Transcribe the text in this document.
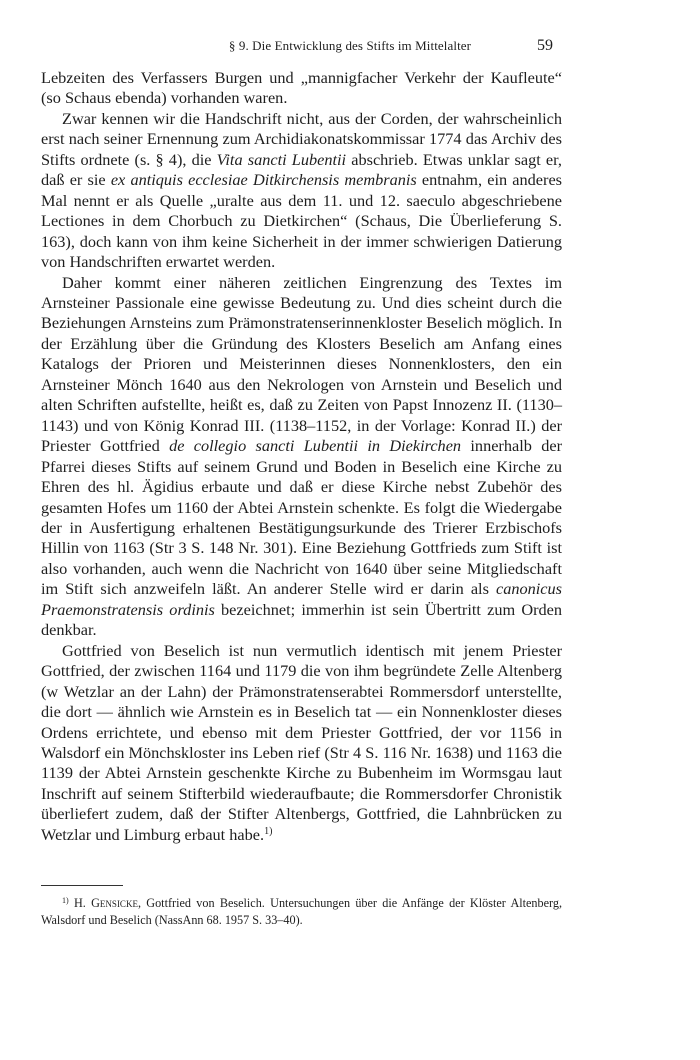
§ 9. Die Entwicklung des Stifts im Mittelalter	59

Lebzeiten des Verfassers Burgen und „mannigfacher Verkehr der Kaufleute“ (so Schaus ebenda) vorhanden waren.

Zwar kennen wir die Handschrift nicht, aus der Corden, der wahrscheinlich erst nach seiner Ernennung zum Archidiakonatskommissar 1774 das Archiv des Stifts ordnete (s. § 4), die Vita sancti Lubentii abschrieb. Etwas unklar sagt er, daß er sie ex antiquis ecclesiae Ditkirchensis membranis entnahm, ein anderes Mal nennt er als Quelle „uralte aus dem 11. und 12. saeculo abgeschriebene Lectiones in dem Chorbuch zu Dietkirchen“ (Schaus, Die Überlieferung S. 163), doch kann von ihm keine Sicherheit in der immer schwierigen Datierung von Handschriften erwartet werden.

Daher kommt einer näheren zeitlichen Eingrenzung des Textes im Arnsteiner Passionale eine gewisse Bedeutung zu. Und dies scheint durch die Beziehungen Arnsteins zum Prämonstratenserinnenkloster Beselich möglich. In der Erzählung über die Gründung des Klosters Beselich am Anfang eines Katalogs der Prioren und Meisterinnen dieses Nonnenklosters, den ein Arnsteiner Mönch 1640 aus den Nekrologen von Arnstein und Beselich und alten Schriften aufstellte, heißt es, daß zu Zeiten von Papst Innozenz II. (1130–1143) und von König Konrad III. (1138–1152, in der Vorlage: Konrad II.) der Priester Gottfried de collegio sancti Lubentii in Diekirchen innerhalb der Pfarrei dieses Stifts auf seinem Grund und Boden in Beselich eine Kirche zu Ehren des hl. Ägidius erbaute und daß er diese Kirche nebst Zubehör des gesamten Hofes um 1160 der Abtei Arnstein schenkte. Es folgt die Wiedergabe der in Ausfertigung erhaltenen Bestätigungsurkunde des Trierer Erzbischofs Hillin von 1163 (Str 3 S. 148 Nr. 301). Eine Beziehung Gottfrieds zum Stift ist also vorhanden, auch wenn die Nachricht von 1640 über seine Mitgliedschaft im Stift sich anzweifeln läßt. An anderer Stelle wird er darin als canonicus Praemonstratensis ordinis bezeichnet; immerhin ist sein Übertritt zum Orden denkbar.

Gottfried von Beselich ist nun vermutlich identisch mit jenem Priester Gottfried, der zwischen 1164 und 1179 die von ihm begründete Zelle Altenberg (w Wetzlar an der Lahn) der Prämonstratenserabtei Rommersdorf unterstellte, die dort — ähnlich wie Arnstein es in Beselich tat — ein Nonnenkloster dieses Ordens errichtete, und ebenso mit dem Priester Gottfried, der vor 1156 in Walsdorf ein Mönchskloster ins Leben rief (Str 4 S. 116 Nr. 1638) und 1163 die 1139 der Abtei Arnstein geschenkte Kirche zu Bubenheim im Wormsgau laut Inschrift auf seinem Stifterbild wiederaufbaute; die Rommersdorfer Chronistik überliefert zudem, daß der Stifter Altenbergs, Gottfried, die Lahnbrücken zu Wetzlar und Limburg erbaut habe.$^{1)}$

$^{1)}$ H. Gensicke, Gottfried von Beselich. Untersuchungen über die Anfänge der Klöster Altenberg, Walsdorf und Beselich (NassAnn 68. 1957 S. 33–40).
